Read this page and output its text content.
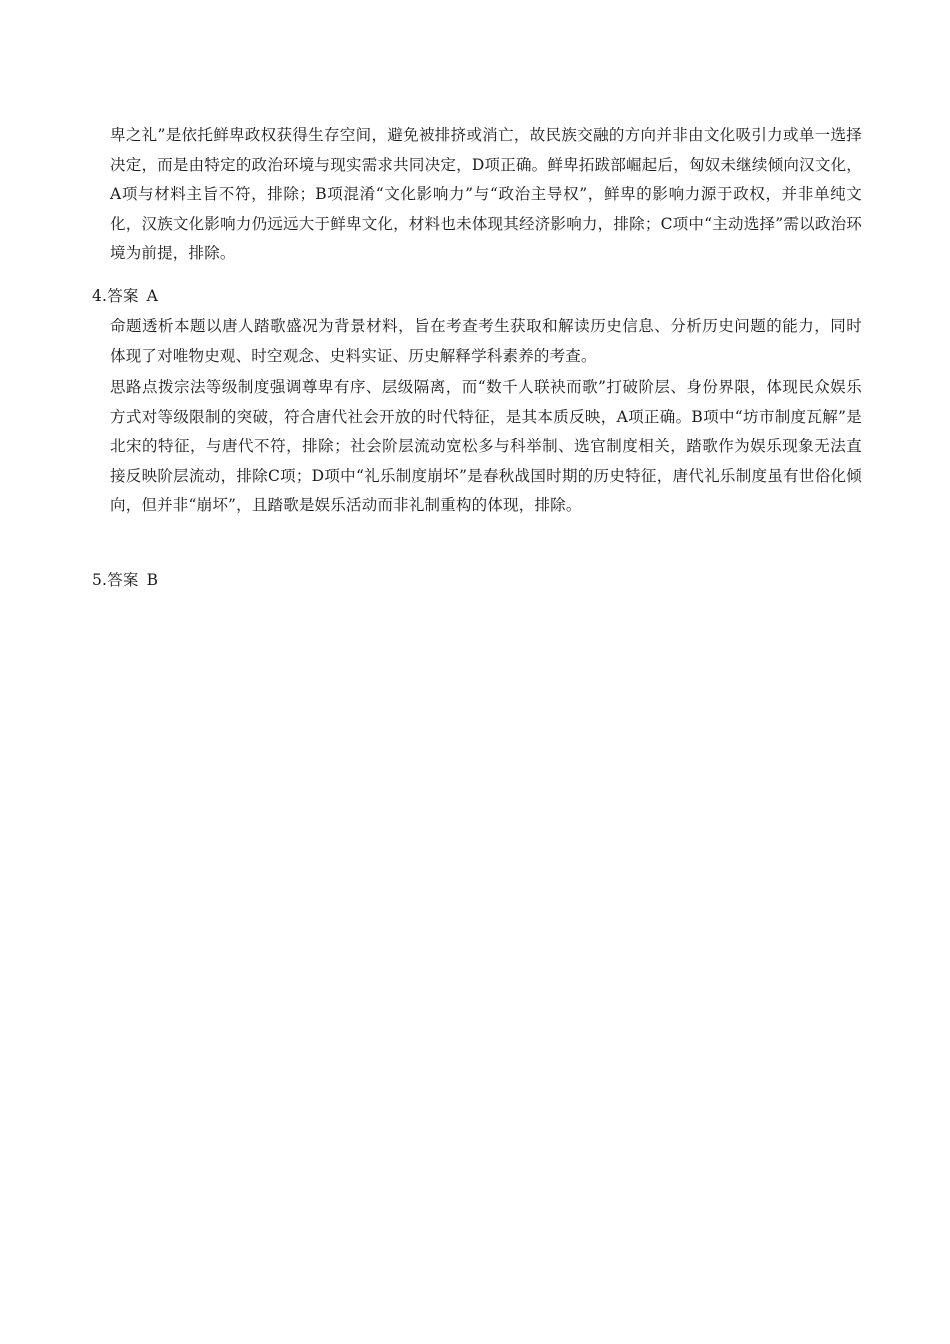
卑之礼”是依托鲜卑政权获得生存空间，避免被排挤或消亡，故民族交融的方向并非由文化吸引力或单一选择决定，而是由特定的政治环境与现实需求共同决定，D项正确。鲜卑拓跋部崛起后，匈奴未继续倾向汉文化，A项与材料主旨不符，排除；B项混淆“文化影响力”与“政治主导权”，鲜卑的影响力源于政权，并非单纯文化，汉族文化影响力仍远远大于鲜卑文化，材料也未体现其经济影响力，排除；C项中“主动选择”需以政治环境为前提，排除。

4.答案 A

命题透析本题以唐人踏歌盛况为背景材料，旨在考查考生获取和解读历史信息、分析历史问题的能力，同时体现了对唯物史观、时空观念、史料实证、历史解释学科素养的考查。

思路点拨宗法等级制度强调尊卑有序、层级隔离，而“数千人联袂而歌”打破阶层、身份界限，体现民众娱乐方式对等级限制的突破，符合唐代社会开放的时代特征，是其本质反映，A项正确。B项中“坊市制度瓦解”是北宋的特征，与唐代不符，排除；社会阶层流动宽松多与科举制、选官制度相关，踏歌作为娱乐现象无法直接反映阶层流动，排除C项；D项中“礼乐制度崩坏”是春秋战国时期的历史特征，唐代礼乐制度虽有世俗化倾向，但并非“崩坏”，且踏歌是娱乐活动而非礼制重构的体现，排除。

5.答案 B
